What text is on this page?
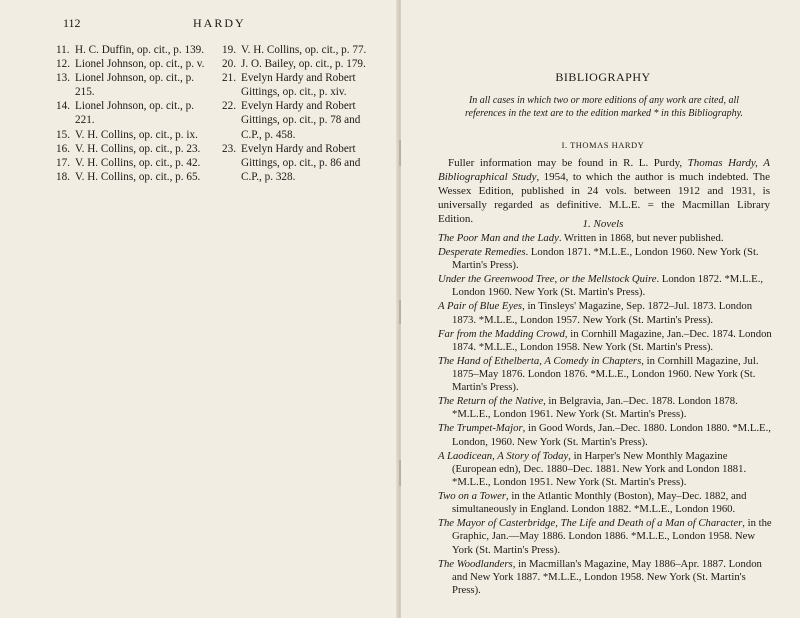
112	HARDY
11. H. C. Duffin, op. cit., p. 139.
12. Lionel Johnson, op. cit., p. v.
13. Lionel Johnson, op. cit., p. 215.
14. Lionel Johnson, op. cit., p. 221.
15. V. H. Collins, op. cit., p. ix.
16. V. H. Collins, op. cit., p. 23.
17. V. H. Collins, op. cit., p. 42.
18. V. H. Collins, op. cit., p. 65.
19. V. H. Collins, op. cit., p. 77.
20. J. O. Bailey, op. cit., p. 179.
21. Evelyn Hardy and Robert Gittings, op. cit., p. xiv.
22. Evelyn Hardy and Robert Gittings, op. cit., p. 78 and C.P., p. 458.
23. Evelyn Hardy and Robert Gittings, op. cit., p. 86 and C.P., p. 328.
BIBLIOGRAPHY
In all cases in which two or more editions of any work are cited, all references in the text are to the edition marked * in this Bibliography.
I. THOMAS HARDY
Fuller information may be found in R. L. Purdy, Thomas Hardy, A Bibliographical Study, 1954, to which the author is much indebted. The Wessex Edition, published in 24 vols. between 1912 and 1931, is universally regarded as definitive. M.L.E. = the Macmillan Library Edition.	1. Novels
The Poor Man and the Lady. Written in 1868, but never published.
Desperate Remedies. London 1871. *M.L.E., London 1960. New York (St. Martin's Press).
Under the Greenwood Tree, or the Mellstock Quire. London 1872. *M.L.E., London 1960. New York (St. Martin's Press).
A Pair of Blue Eyes, in Tinsleys' Magazine, Sep. 1872–Jul. 1873. London 1873. *M.L.E., London 1957. New York (St. Martin's Press).
Far from the Madding Crowd, in Cornhill Magazine, Jan.–Dec. 1874. London 1874. *M.L.E., London 1958. New York (St. Martin's Press).
The Hand of Ethelberta, A Comedy in Chapters, in Cornhill Magazine, Jul. 1875–May 1876. London 1876. *M.L.E., London 1960. New York (St. Martin's Press).
The Return of the Native, in Belgravia, Jan.–Dec. 1878. London 1878. *M.L.E., London 1961. New York (St. Martin's Press).
The Trumpet-Major, in Good Words, Jan.–Dec. 1880. London 1880. *M.L.E., London, 1960. New York (St. Martin's Press).
A Laodicean, A Story of Today, in Harper's New Monthly Magazine (European edn), Dec. 1880–Dec. 1881. New York and London 1881. *M.L.E., London 1951. New York (St. Martin's Press).
Two on a Tower, in the Atlantic Monthly (Boston), May–Dec. 1882, and simultaneously in England. London 1882. *M.L.E., London 1960.
The Mayor of Casterbridge, The Life and Death of a Man of Character, in the Graphic, Jan.—May 1886. London 1886. *M.L.E., London 1958. New York (St. Martin's Press).
The Woodlanders, in Macmillan's Magazine, May 1886–Apr. 1887. London and New York 1887. *M.L.E., London 1958. New York (St. Martin's Press).
